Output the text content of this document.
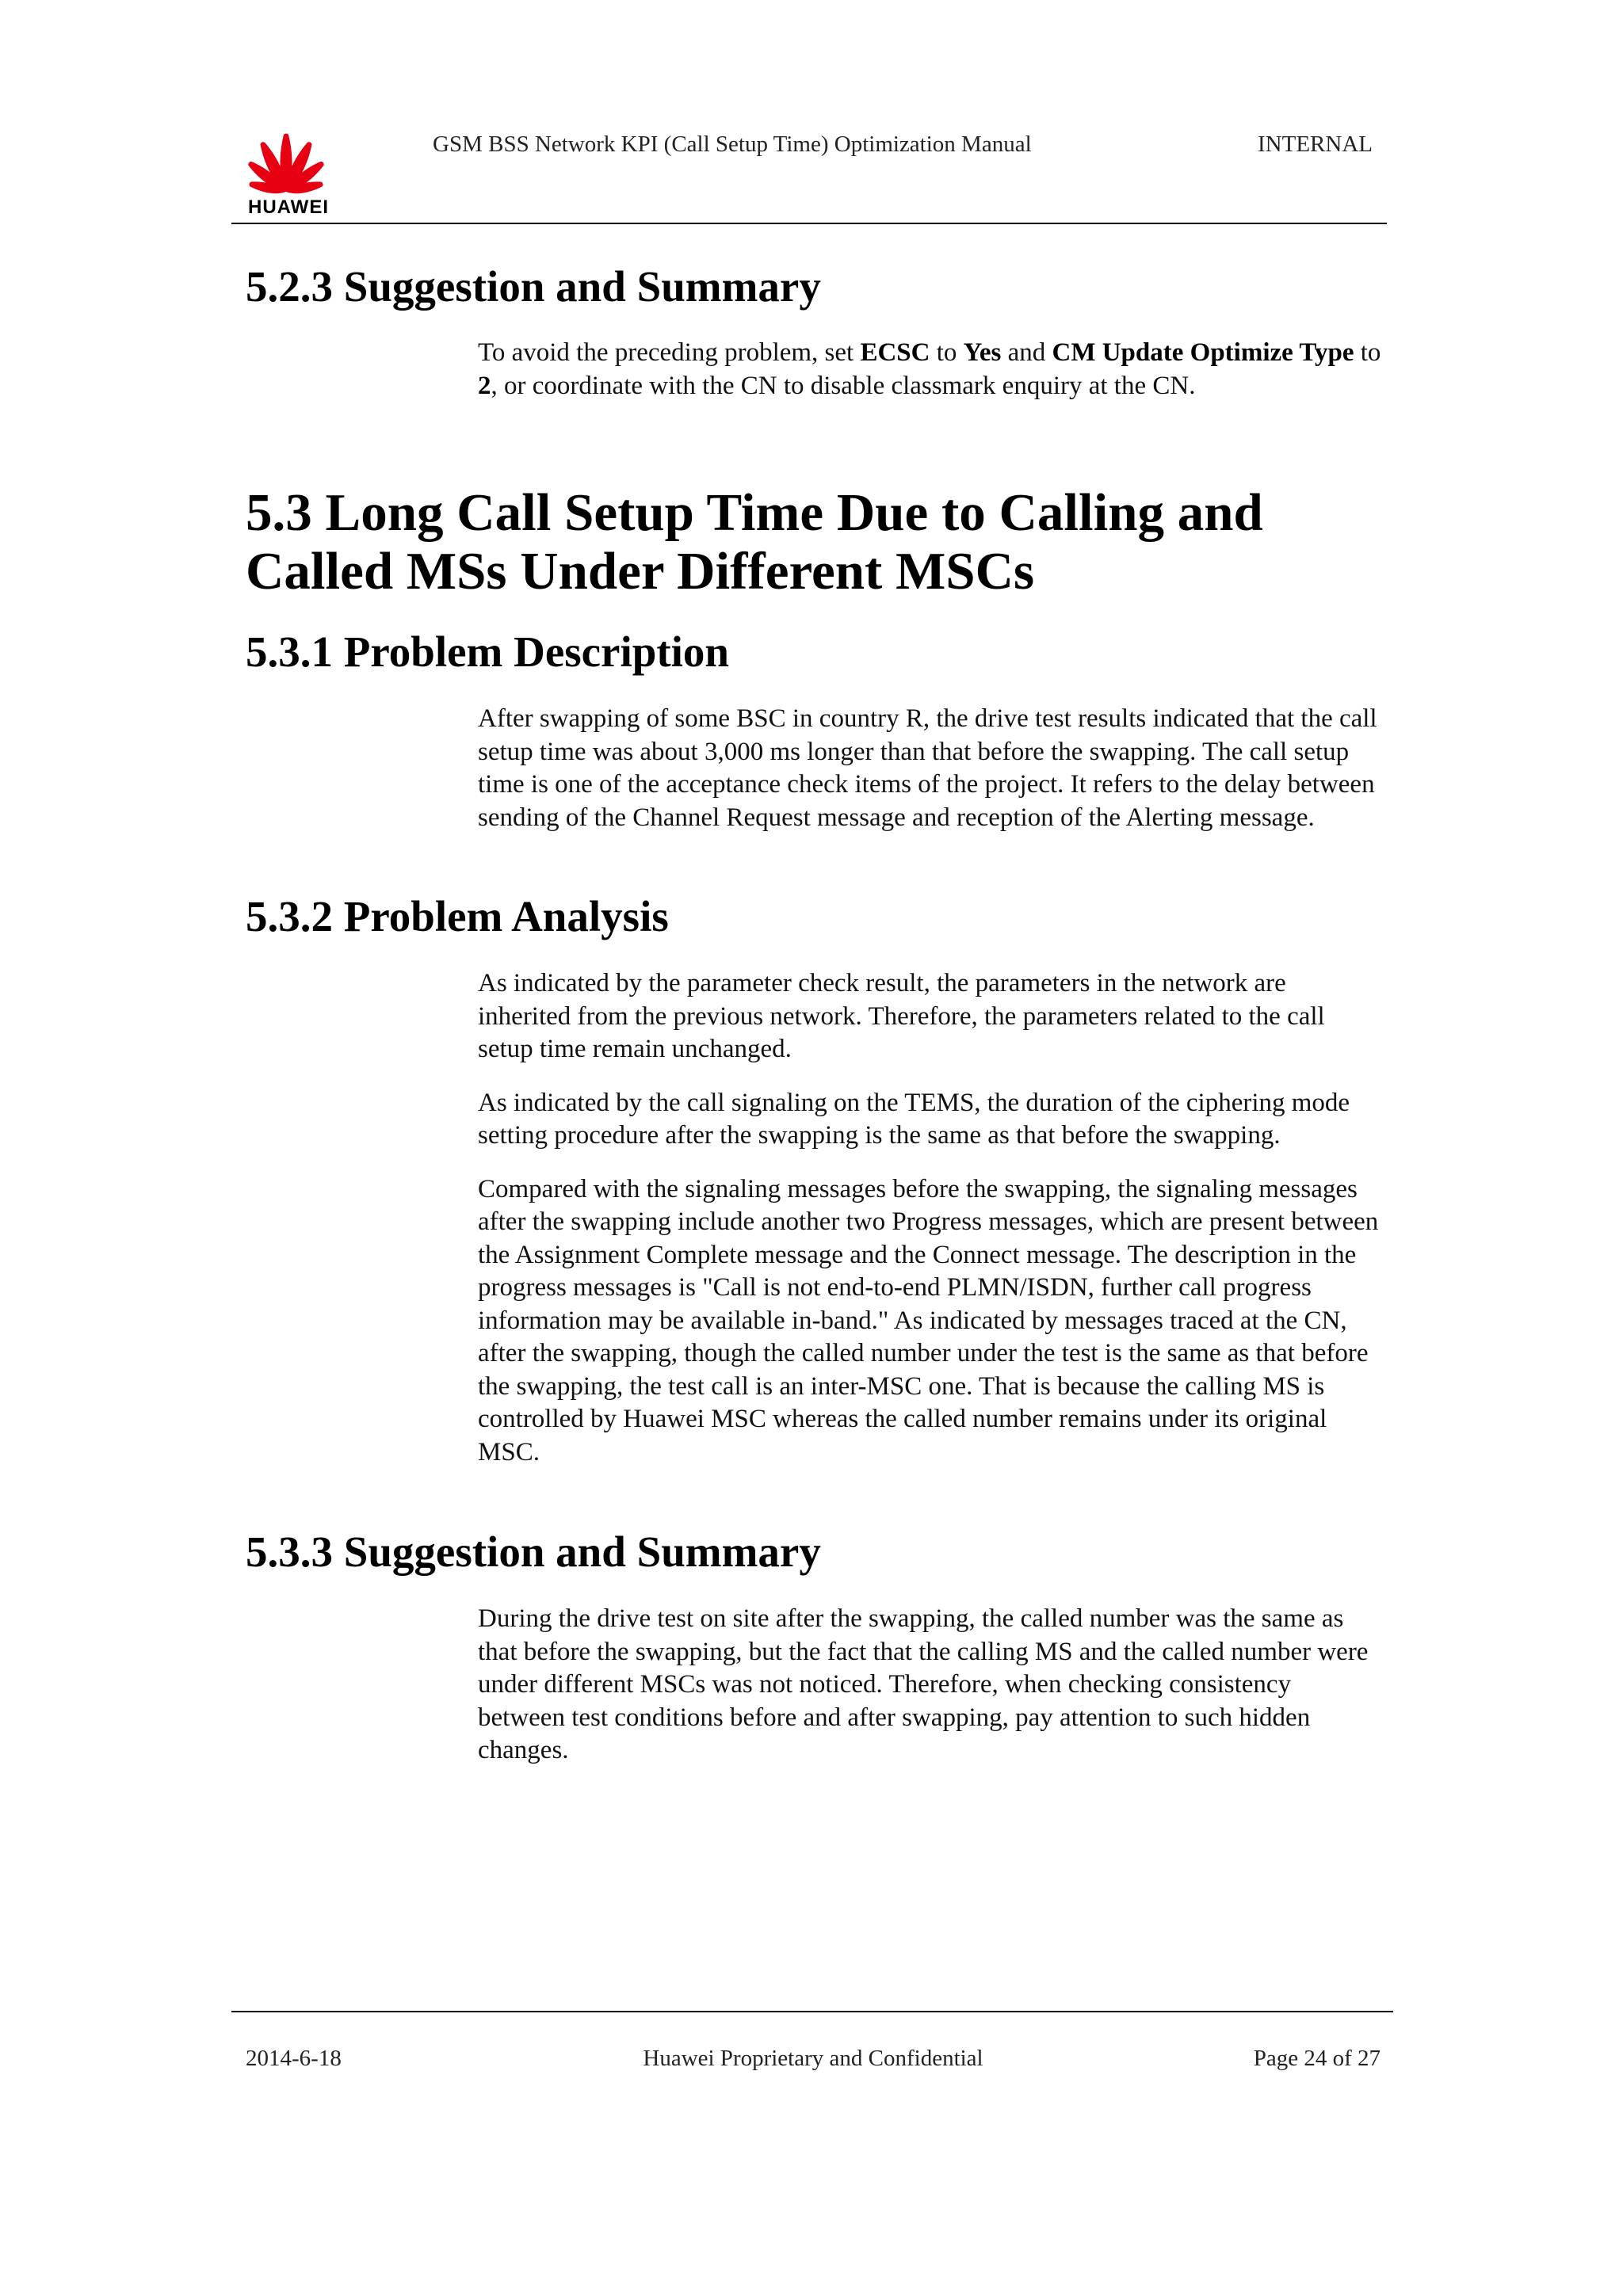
HUAWEI
GSM BSS Network KPI (Call Setup Time) Optimization Manual	INTERNAL
5.2.3 Suggestion and Summary

To avoid the preceding problem, set ECSC to Yes and CM Update Optimize Type to 2, or coordinate with the CN to disable classmark enquiry at the CN.

5.3 Long Call Setup Time Due to Calling and Called MSs Under Different MSCs
5.3.1 Problem Description

After swapping of some BSC in country R, the drive test results indicated that the call setup time was about 3,000 ms longer than that before the swapping. The call setup time is one of the acceptance check items of the project. It refers to the delay between sending of the Channel Request message and reception of the Alerting message.

5.3.2 Problem Analysis

As indicated by the parameter check result, the parameters in the network are inherited from the previous network. Therefore, the parameters related to the call setup time remain unchanged.

As indicated by the call signaling on the TEMS, the duration of the ciphering mode setting procedure after the swapping is the same as that before the swapping.

Compared with the signaling messages before the swapping, the signaling messages after the swapping include another two Progress messages, which are present between the Assignment Complete message and the Connect message. The description in the progress messages is "Call is not end-to-end PLMN/ISDN, further call progress information may be available in-band." As indicated by messages traced at the CN, after the swapping, though the called number under the test is the same as that before the swapping, the test call is an inter-MSC one. That is because the calling MS is controlled by Huawei MSC whereas the called number remains under its original MSC.

5.3.3 Suggestion and Summary

During the drive test on site after the swapping, the called number was the same as that before the swapping, but the fact that the calling MS and the called number were under different MSCs was not noticed. Therefore, when checking consistency between test conditions before and after swapping, pay attention to such hidden changes.

2014-6-18	Huawei Proprietary and Confidential	Page 24 of 27
